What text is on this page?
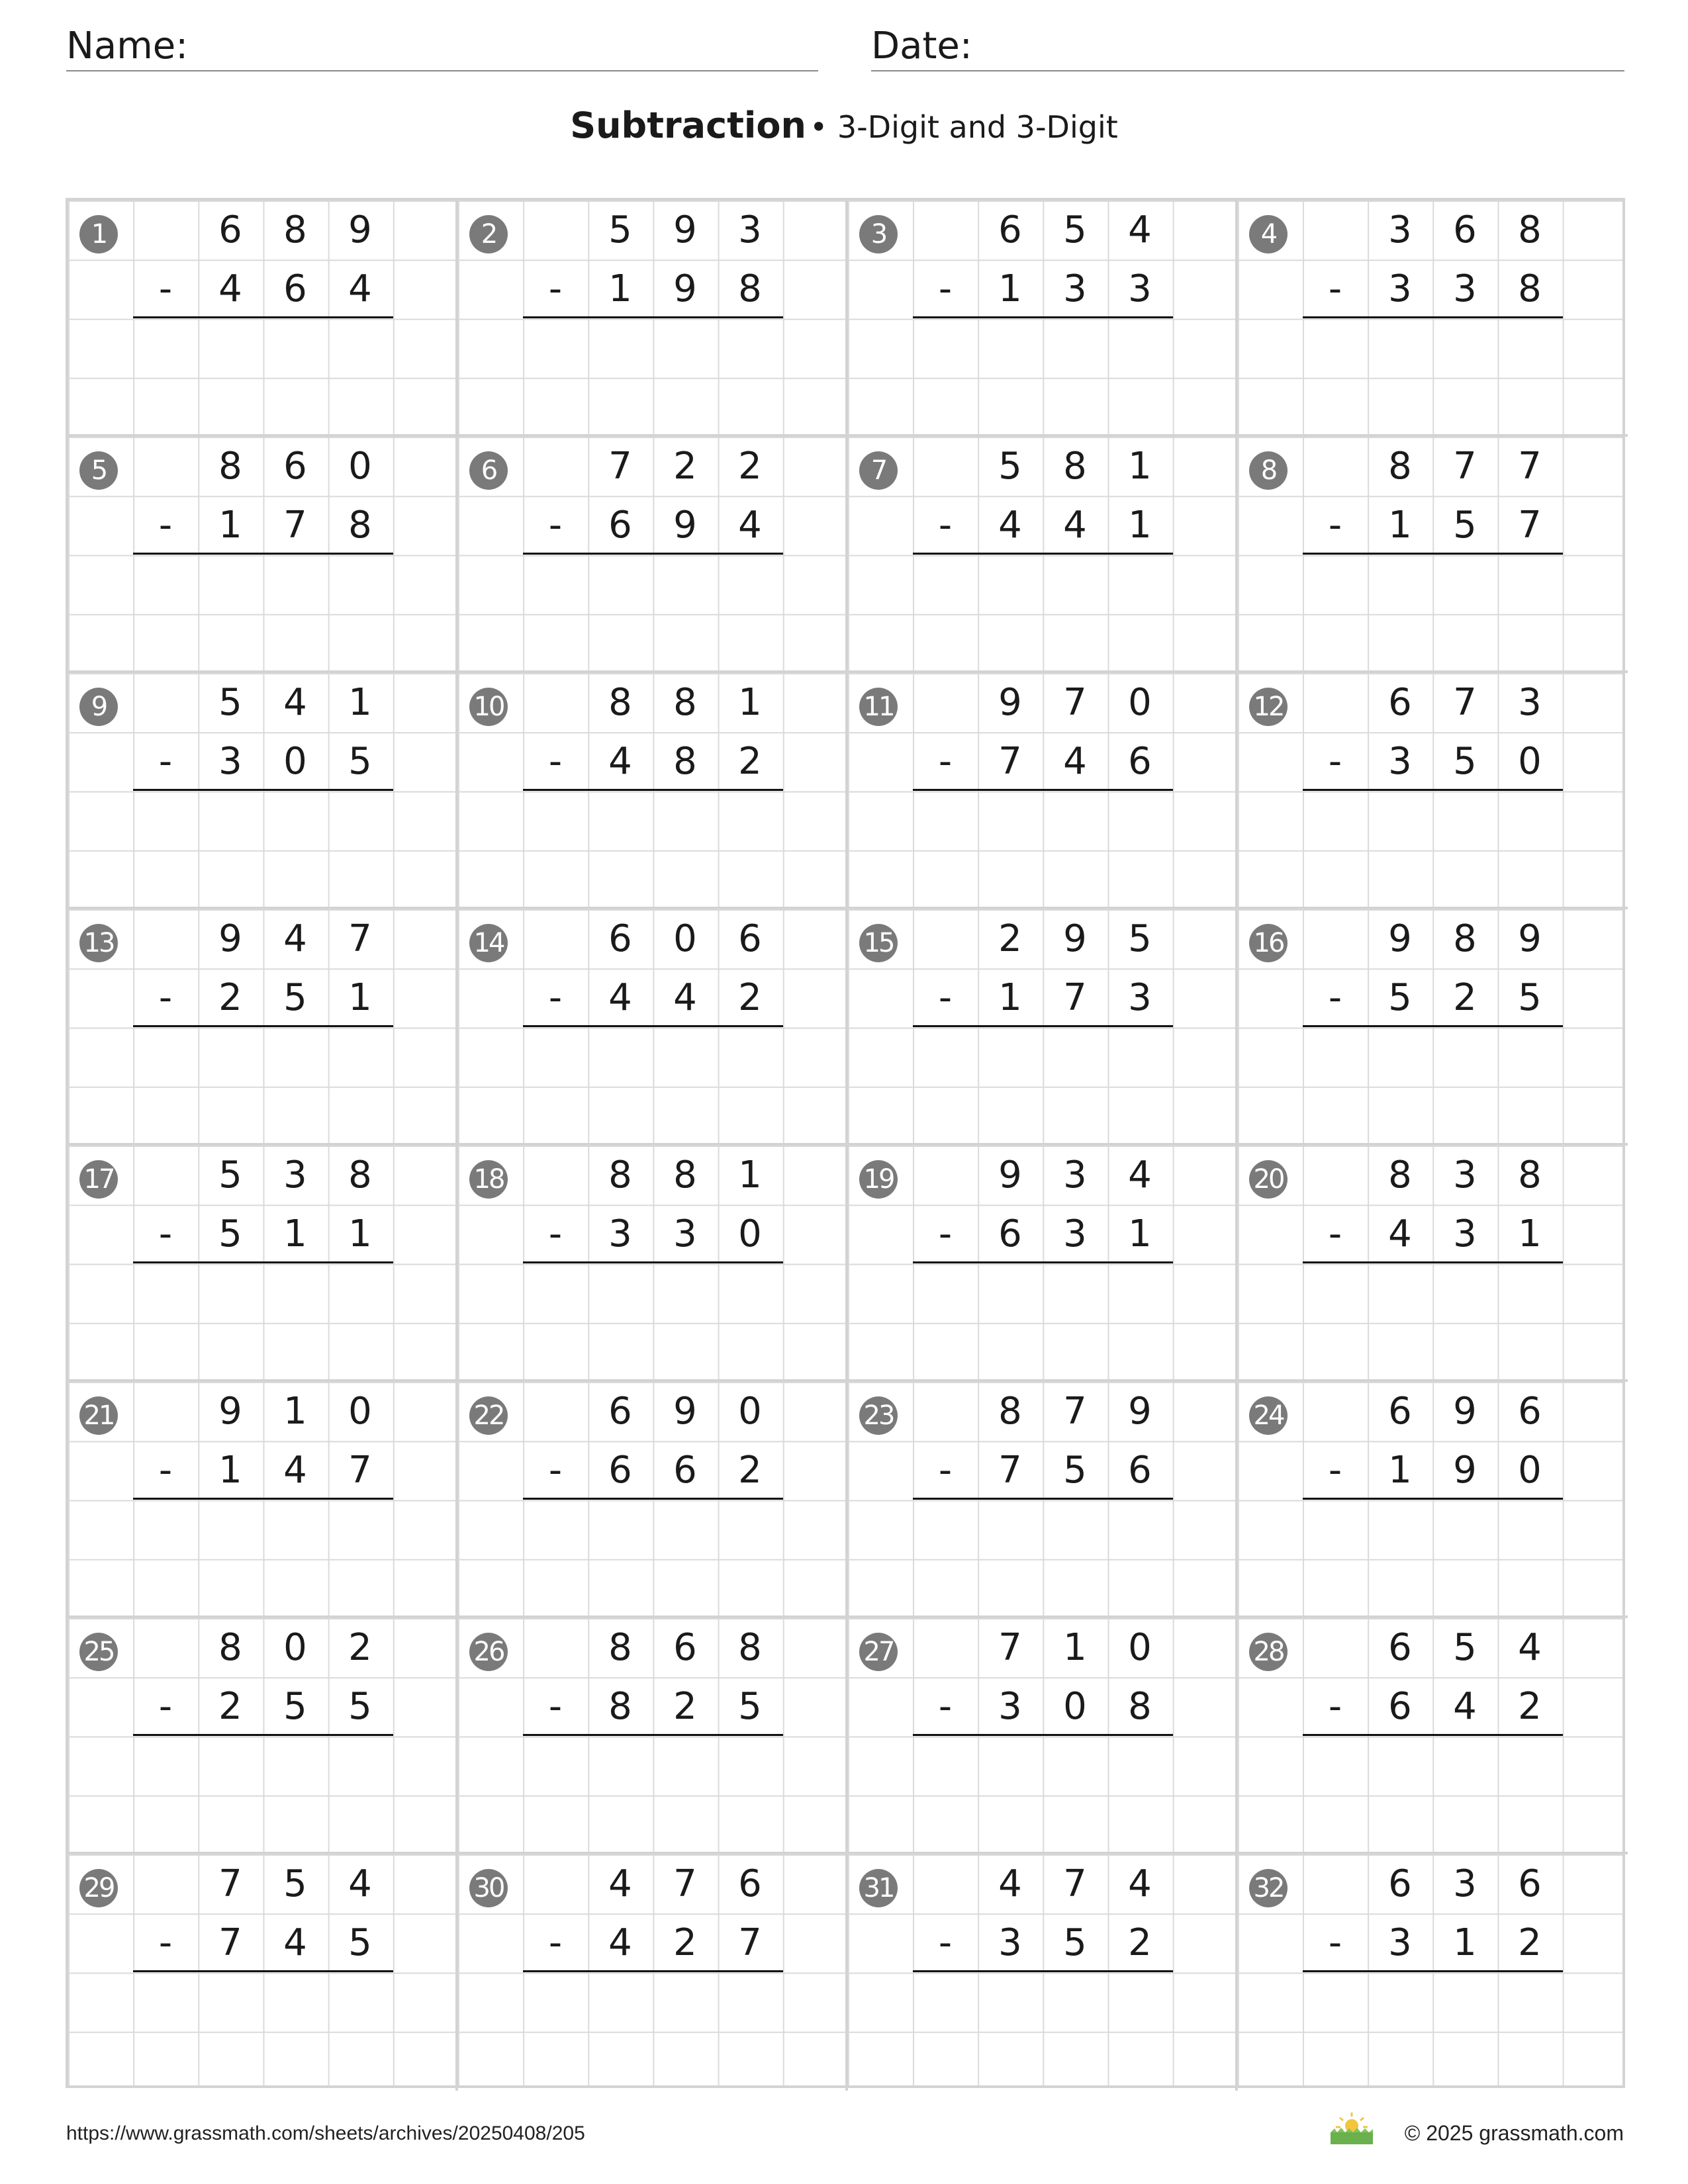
Name:	Date:
Subtraction • 3-Digit and 3-Digit
1	6
4
8
6
9
4
-
2	5
1
9
9
3
8
-
3	6
1
5
3
4
3
-
4	3
3
6
3
8
8
-
5	8
1
6
7
0
8
-
6	7
6
2
9
2
4
-
7	5
4
8
4
1
1
-
8	8
1
7
5
7
7
-
9	5
3
4
0
1
5
-
10	8
4
8
8
1
2
-
11	9
7
7
4
0
6
-
12	6
3
7
5
3
0
-
13	9
2
4
5
7
1
-
14	6
4
0
4
6
2
-
15	2
1
9
7
5
3
-
16	9
5
8
2
9
5
-
17	5
5
3
1
8
1
-
18	8
3
8
3
1
0
-
19	9
6
3
3
4
1
-
20	8
4
3
3
8
1
-
21	9
1
1
4
0
7
-
22	6
6
9
6
0
2
-
23	8
7
7
5
9
6
-
24	6
1
9
9
6
0
-
25	8
2
0
5
2
5
-
26	8
8
6
2
8
5
-
27	7
3
1
0
0
8
-
28	6
6
5
4
4
2
-
29	7
7
5
4
4
5
-
30	4
4
7
2
6
7
-
31	4
3
7
5
4
2
-
32	6
3
3
1
6
2
-
https://www.grassmath.com/sheets/archives/20250408/205	© 2025 grassmath.com
